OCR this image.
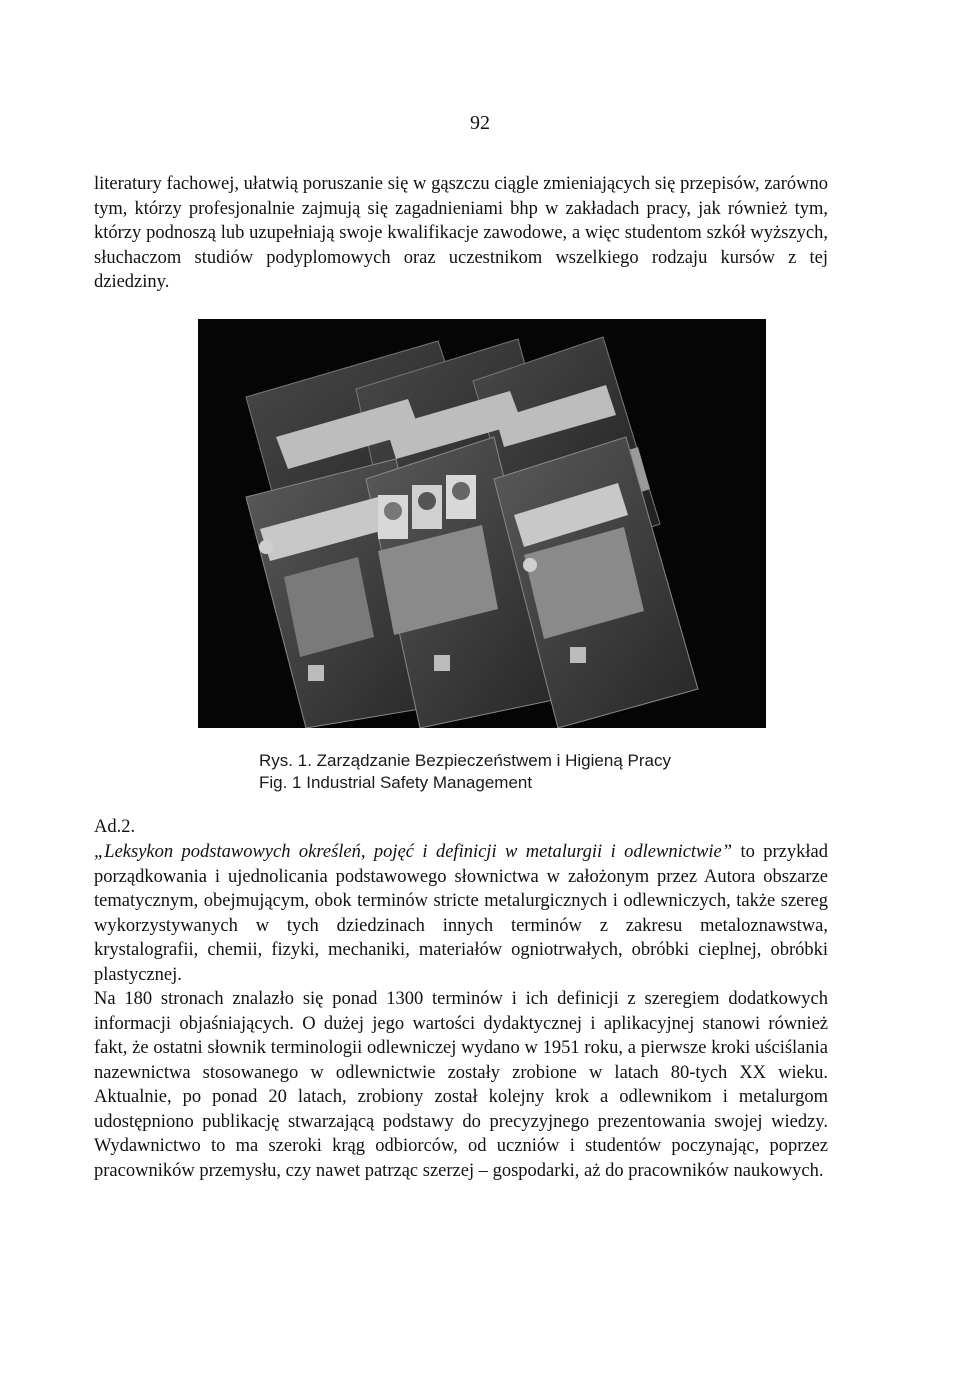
92

literatury fachowej, ułatwią poruszanie się w gąszczu ciągle zmieniających się przepisów, zarówno tym, którzy profesjonalnie zajmują się zagadnieniami bhp w zakładach pracy, jak również tym, którzy podnoszą lub uzupełniają swoje kwalifikacje zawodowe, a więc studentom szkół wyższych, słuchaczom studiów podyplomowych oraz uczestnikom wszelkiego rodzaju kursów z tej dziedziny.

Rys. 1. Zarządzanie Bezpieczeństwem i Higieną Pracy
Fig. 1 Industrial Safety Management
Ad.2.
„Leksykon podstawowych określeń, pojęć i definicji w metalurgii i odlewnictwie” to przykład porządkowania i ujednolicania podstawowego słownictwa w założonym przez Autora obszarze tematycznym, obejmującym, obok terminów stricte metalurgicznych i odlewniczych, także szereg wykorzystywanych w tych dziedzinach innych terminów z zakresu metaloznawstwa, krystalografii, chemii, fizyki, mechaniki, materiałów ogniotrwałych, obróbki cieplnej, obróbki plastycznej.
Na 180 stronach znalazło się ponad 1300 terminów i ich definicji z szeregiem dodatkowych informacji objaśniających. O dużej jego wartości dydaktycznej i aplikacyjnej stanowi również fakt, że ostatni słownik terminologii odlewniczej wydano w 1951 roku, a pierwsze kroki uściślania nazewnictwa stosowanego w odlewnictwie zostały zrobione w latach 80-tych XX wieku. Aktualnie, po ponad 20 latach, zrobiony został kolejny krok a odlewnikom i metalurgom udostępniono publikację stwarzającą podstawy do precyzyjnego prezentowania swojej wiedzy. Wydawnictwo to ma szeroki krąg odbiorców, od uczniów i studentów poczynając, poprzez pracowników przemysłu, czy nawet patrząc szerzej – gospodarki, aż do pracowników naukowych.
